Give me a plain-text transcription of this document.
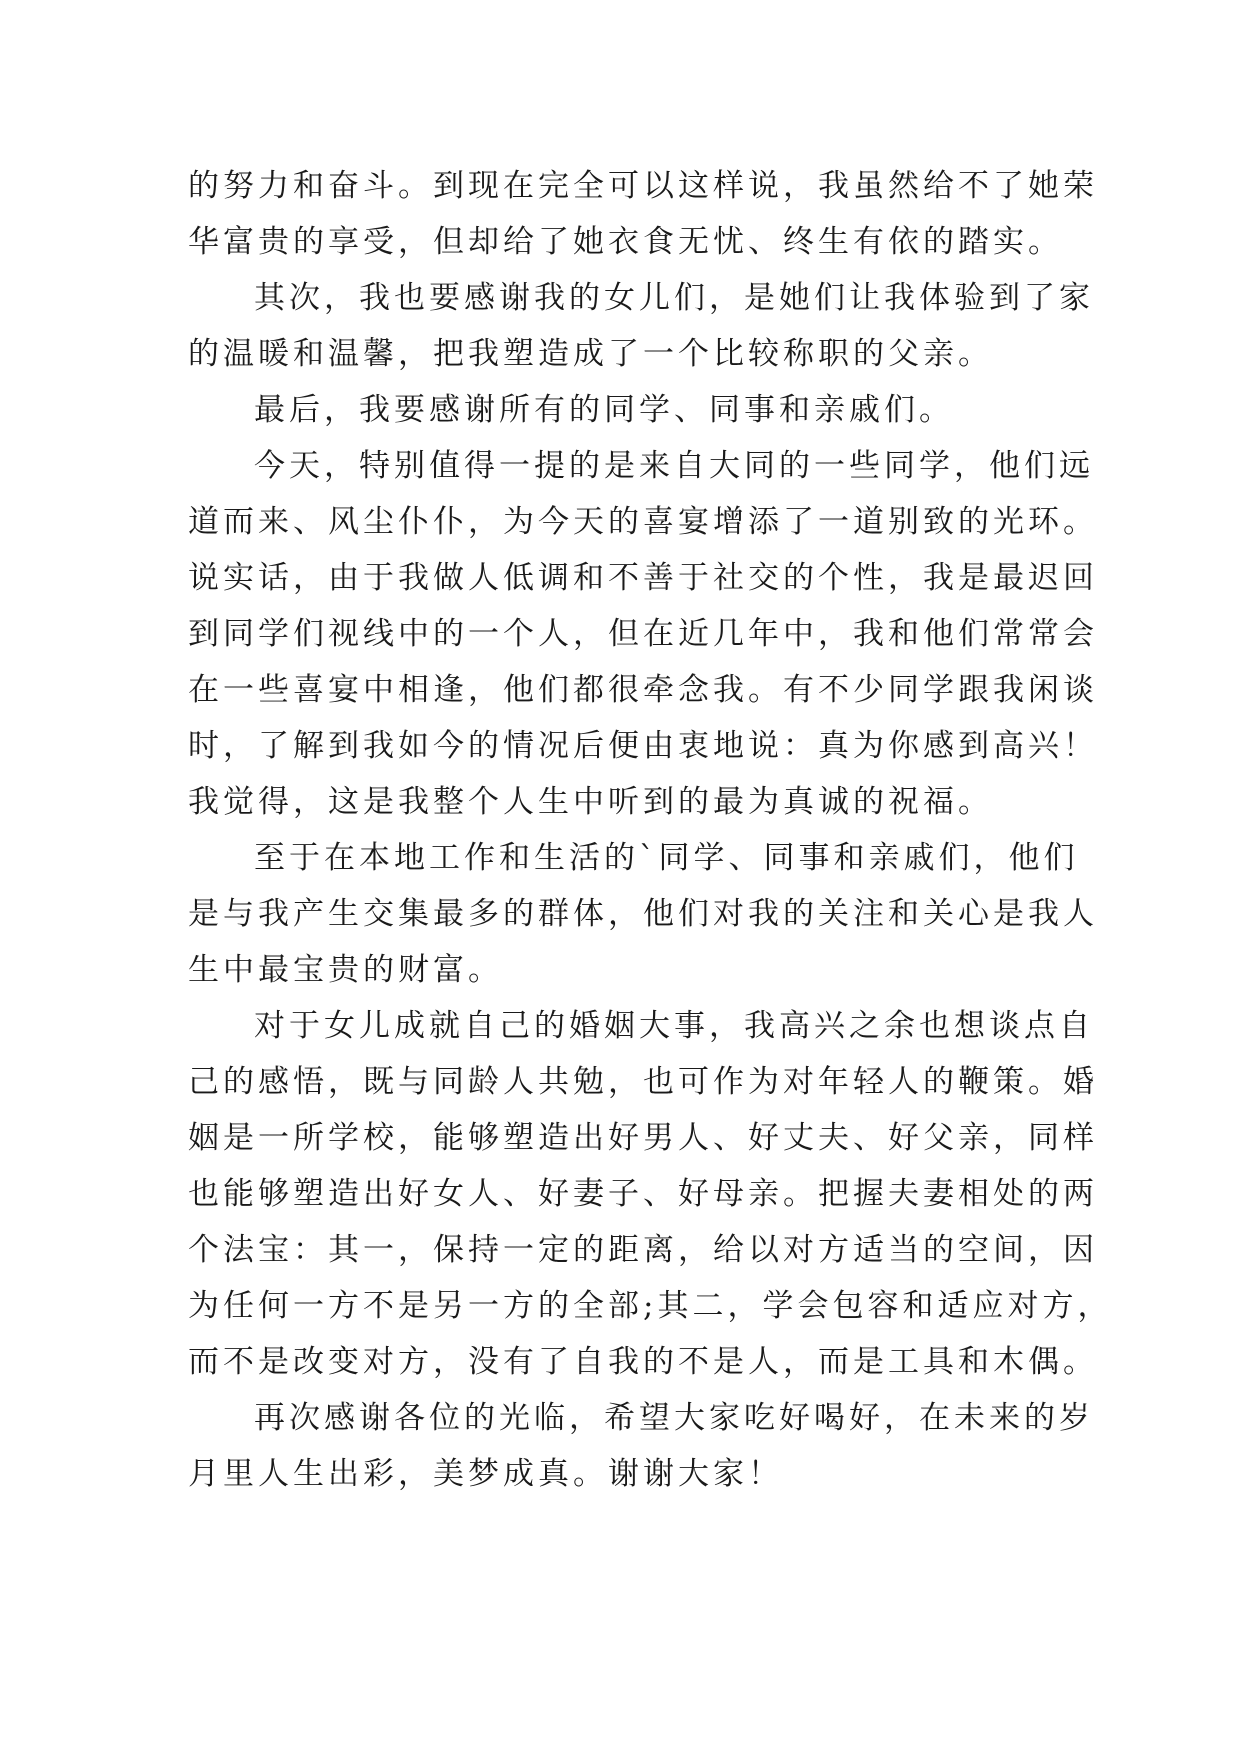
的努力和奋斗。到现在完全可以这样说，我虽然给不了她荣
华富贵的享受，但却给了她衣食无忧、终生有依的踏实。
其次，我也要感谢我的女儿们，是她们让我体验到了家
的温暖和温馨，把我塑造成了一个比较称职的父亲。
最后，我要感谢所有的同学、同事和亲戚们。
今天，特别值得一提的是来自大同的一些同学，他们远
道而来、风尘仆仆，为今天的喜宴增添了一道别致的光环。
说实话，由于我做人低调和不善于社交的个性，我是最迟回
到同学们视线中的一个人，但在近几年中，我和他们常常会
在一些喜宴中相逢，他们都很牵念我。有不少同学跟我闲谈
时，了解到我如今的情况后便由衷地说：真为你感到高兴！
我觉得，这是我整个人生中听到的最为真诚的祝福。
至于在本地工作和生活的`同学、同事和亲戚们，他们
是与我产生交集最多的群体，他们对我的关注和关心是我人
生中最宝贵的财富。
对于女儿成就自己的婚姻大事，我高兴之余也想谈点自
己的感悟，既与同龄人共勉，也可作为对年轻人的鞭策。婚
姻是一所学校，能够塑造出好男人、好丈夫、好父亲，同样
也能够塑造出好女人、好妻子、好母亲。把握夫妻相处的两
个法宝：其一，保持一定的距离，给以对方适当的空间，因
为任何一方不是另一方的全部;其二，学会包容和适应对方，
而不是改变对方，没有了自我的不是人，而是工具和木偶。
再次感谢各位的光临，希望大家吃好喝好，在未来的岁
月里人生出彩，美梦成真。谢谢大家！
